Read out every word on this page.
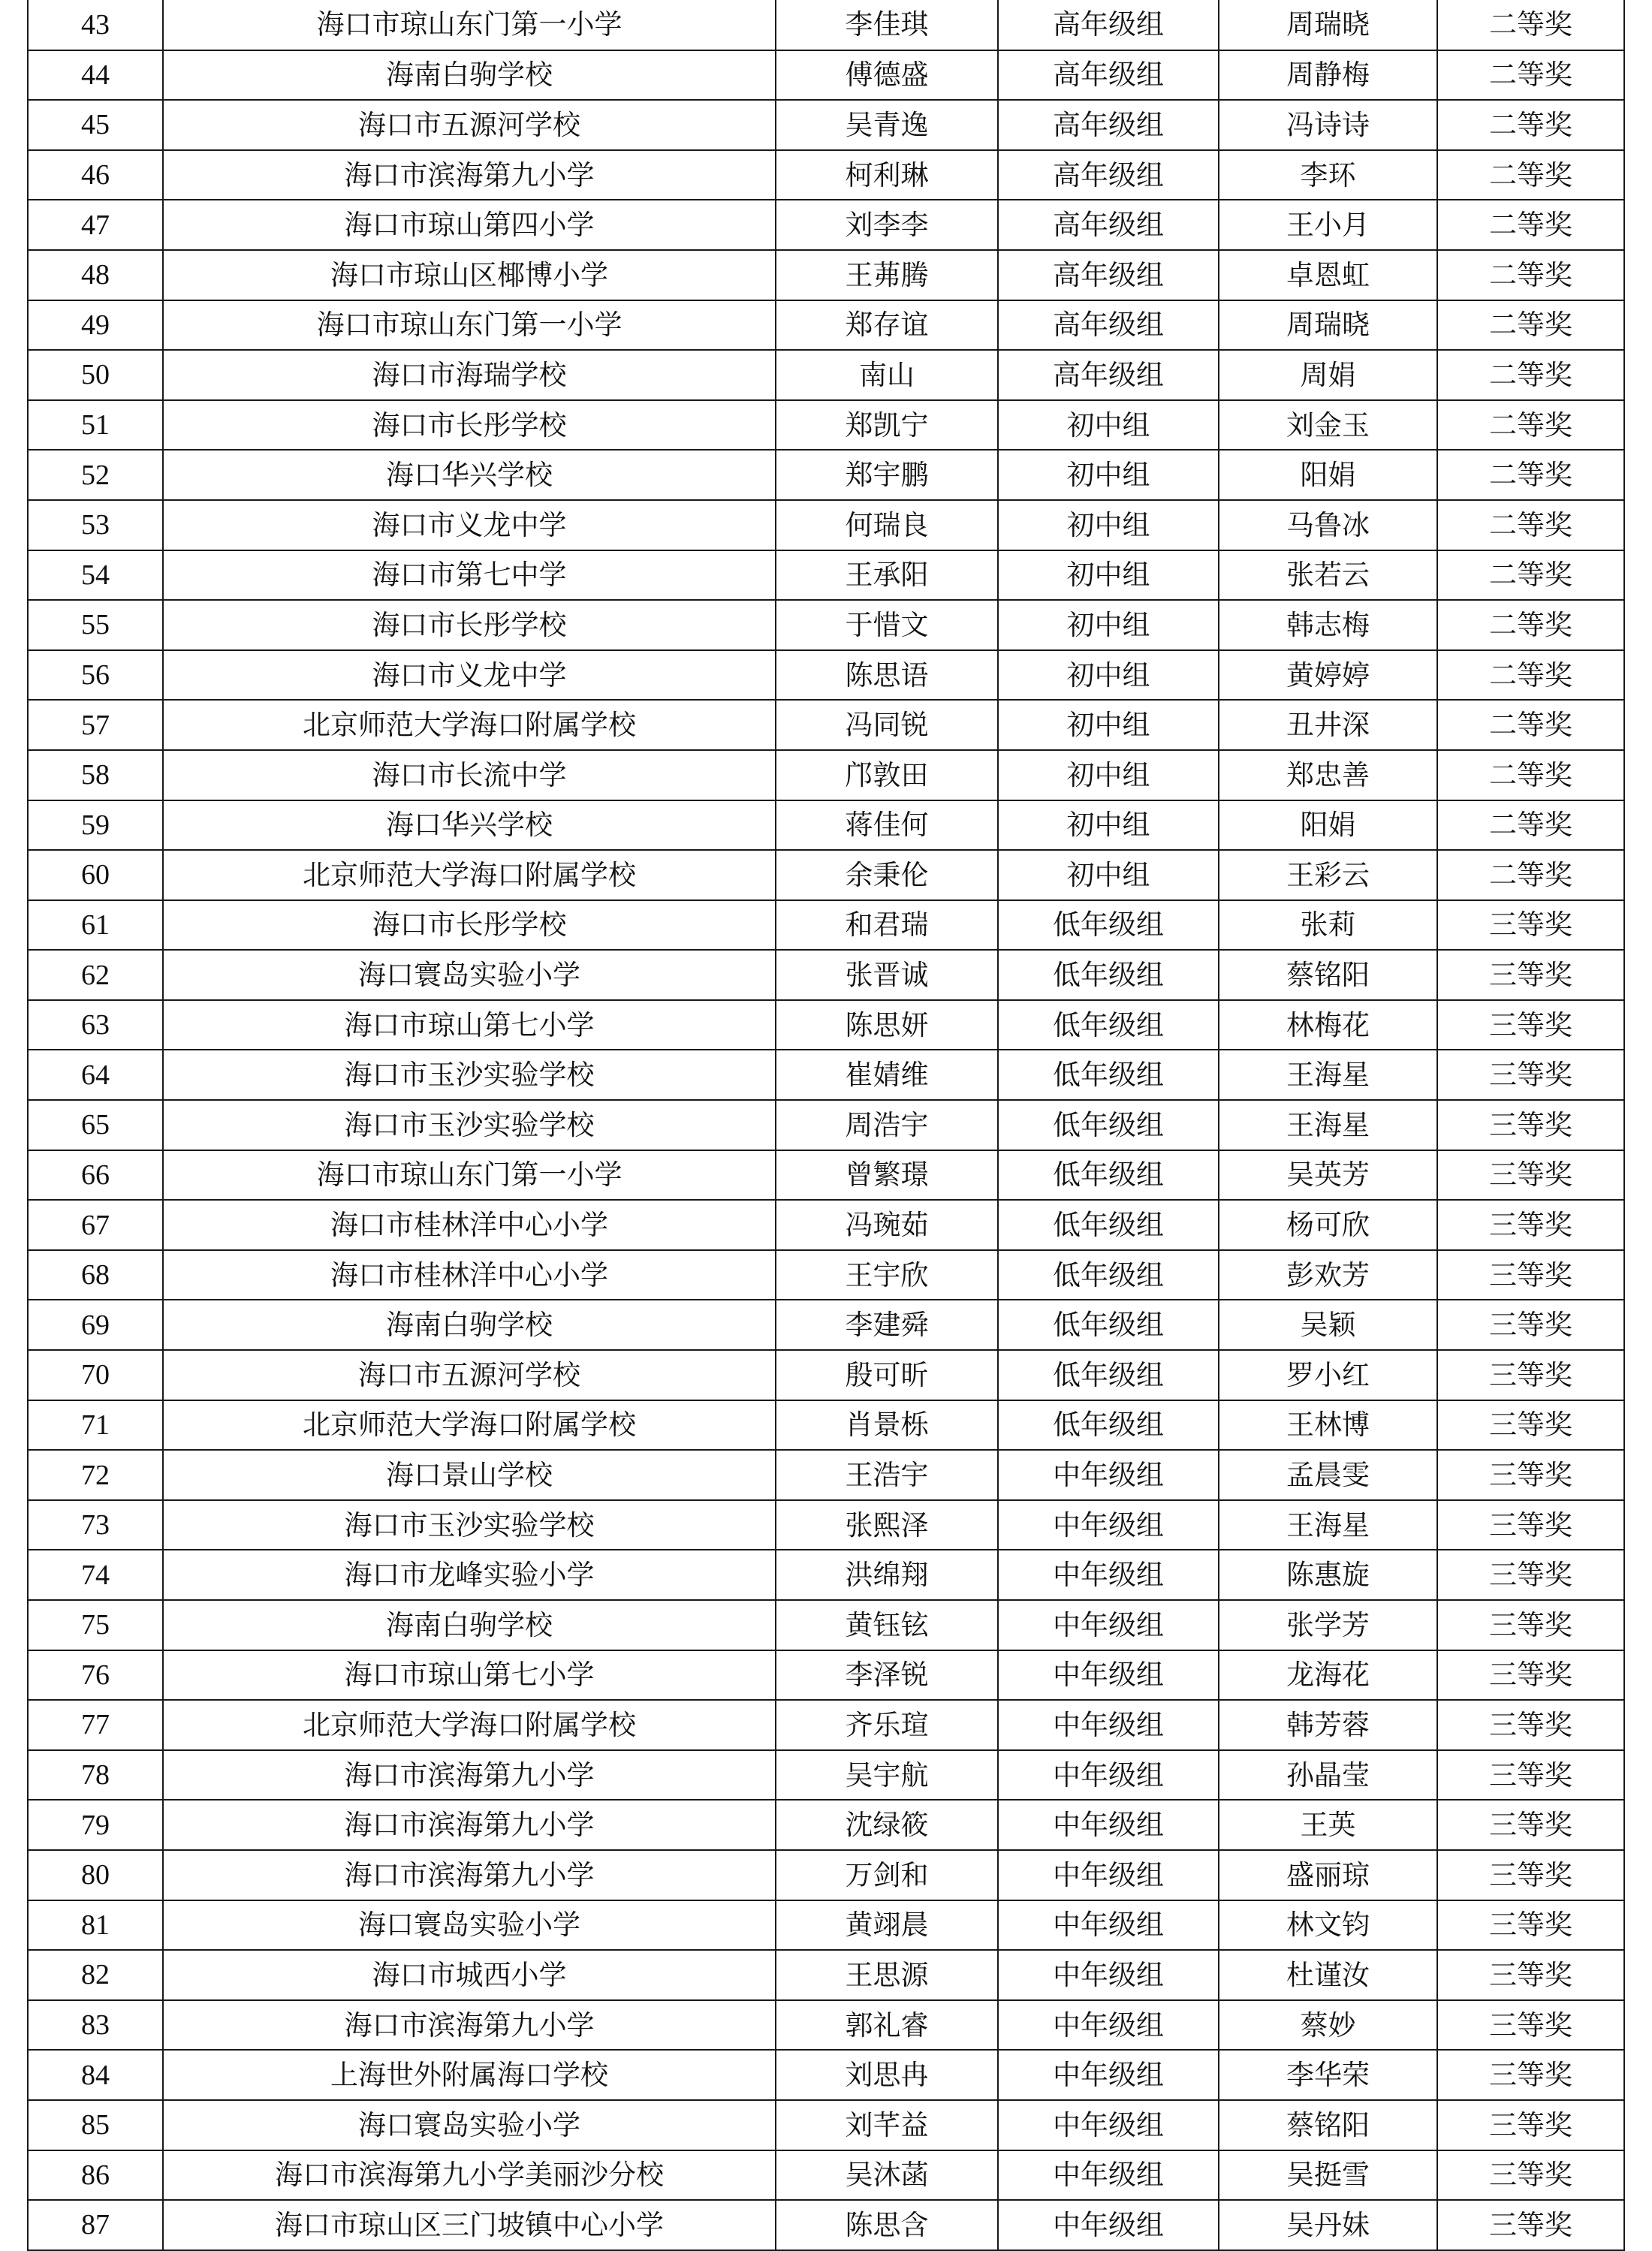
43	海口市琼山东门第一小学	李佳琪	高年级组	周瑞晓	二等奖
44	海南白驹学校	傅德盛	高年级组	周静梅	二等奖
45	海口市五源河学校	吴青逸	高年级组	冯诗诗	二等奖
46	海口市滨海第九小学	柯利琳	高年级组	李环	二等奖
47	海口市琼山第四小学	刘李李	高年级组	王小月	二等奖
48	海口市琼山区椰博小学	王茀腾	高年级组	卓恩虹	二等奖
49	海口市琼山东门第一小学	郑存谊	高年级组	周瑞晓	二等奖
50	海口市海瑞学校	南山	高年级组	周娟	二等奖
51	海口市长彤学校	郑凯宁	初中组	刘金玉	二等奖
52	海口华兴学校	郑宇鹏	初中组	阳娟	二等奖
53	海口市义龙中学	何瑞良	初中组	马鲁冰	二等奖
54	海口市第七中学	王承阳	初中组	张若云	二等奖
55	海口市长彤学校	于惜文	初中组	韩志梅	二等奖
56	海口市义龙中学	陈思语	初中组	黄婷婷	二等奖
57	北京师范大学海口附属学校	冯同锐	初中组	丑井深	二等奖
58	海口市长流中学	邝敦田	初中组	郑忠善	二等奖
59	海口华兴学校	蒋佳何	初中组	阳娟	二等奖
60	北京师范大学海口附属学校	余秉伦	初中组	王彩云	二等奖
61	海口市长彤学校	和君瑞	低年级组	张莉	三等奖
62	海口寰岛实验小学	张晋诚	低年级组	蔡铭阳	三等奖
63	海口市琼山第七小学	陈思妍	低年级组	林梅花	三等奖
64	海口市玉沙实验学校	崔婧维	低年级组	王海星	三等奖
65	海口市玉沙实验学校	周浩宇	低年级组	王海星	三等奖
66	海口市琼山东门第一小学	曾繁璟	低年级组	吴英芳	三等奖
67	海口市桂林洋中心小学	冯琬茹	低年级组	杨可欣	三等奖
68	海口市桂林洋中心小学	王宇欣	低年级组	彭欢芳	三等奖
69	海南白驹学校	李建舜	低年级组	吴颖	三等奖
70	海口市五源河学校	殷可昕	低年级组	罗小红	三等奖
71	北京师范大学海口附属学校	肖景栎	低年级组	王林博	三等奖
72	海口景山学校	王浩宇	中年级组	孟晨雯	三等奖
73	海口市玉沙实验学校	张熙泽	中年级组	王海星	三等奖
74	海口市龙峰实验小学	洪绵翔	中年级组	陈惠旋	三等奖
75	海南白驹学校	黄钰铉	中年级组	张学芳	三等奖
76	海口市琼山第七小学	李泽锐	中年级组	龙海花	三等奖
77	北京师范大学海口附属学校	齐乐瑄	中年级组	韩芳蓉	三等奖
78	海口市滨海第九小学	吴宇航	中年级组	孙晶莹	三等奖
79	海口市滨海第九小学	沈绿筱	中年级组	王英	三等奖
80	海口市滨海第九小学	万剑和	中年级组	盛丽琼	三等奖
81	海口寰岛实验小学	黄翊晨	中年级组	林文钧	三等奖
82	海口市城西小学	王思源	中年级组	杜谨汝	三等奖
83	海口市滨海第九小学	郭礼睿	中年级组	蔡妙	三等奖
84	上海世外附属海口学校	刘思冉	中年级组	李华荣	三等奖
85	海口寰岛实验小学	刘芊益	中年级组	蔡铭阳	三等奖
86	海口市滨海第九小学美丽沙分校	吴沐菡	中年级组	吴挺雪	三等奖
87	海口市琼山区三门坡镇中心小学	陈思含	中年级组	吴丹妹	三等奖
